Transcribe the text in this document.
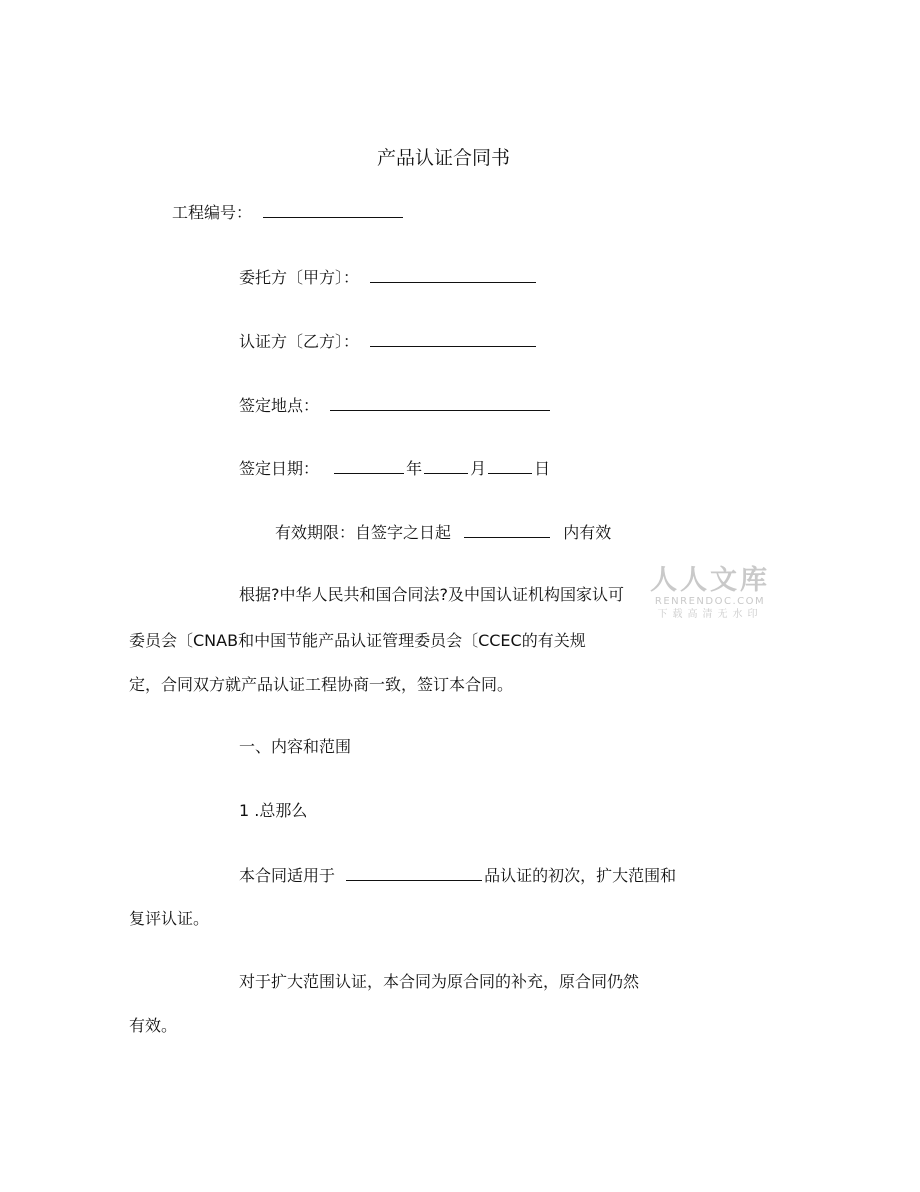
产品认证合同书
工程编号：
委托方〔甲方〕：
认证方〔乙方〕：
签定地点：
签定日期：	年	月	日
有效期限：自签字之日起	内有效
根据?中华人民共和国合同法?及中国认证机构国家认可
委员会〔CNAB和中国节能产品认证管理委员会〔CCEC的有关规
定，合同双方就产品认证工程协商一致，签订本合同。
一、内容和范围
1 .总那么
本合同适用于	品认证的初次，扩大范围和
复评认证。
对于扩大范围认证，本合同为原合同的补充，原合同仍然
有效。
人人文库
RENRENDOC.COM
下载高清无水印
